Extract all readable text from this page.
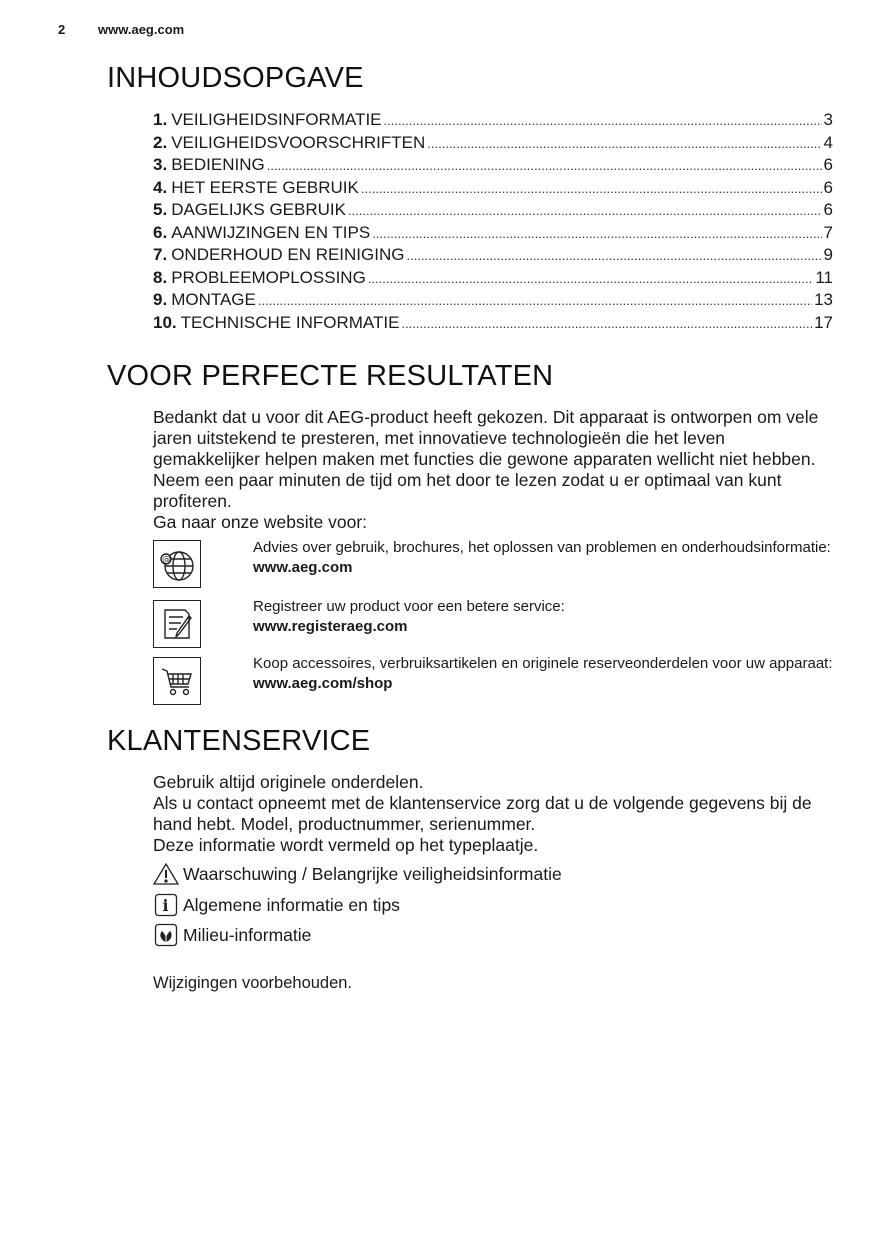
2	www.aeg.com
INHOUDSOPGAVE
1. VEILIGHEIDSINFORMATIE .....	3
2. VEILIGHEIDSVOORSCHRIFTEN .....	4
3. BEDIENING .....	6
4. HET EERSTE GEBRUIK .....	6
5. DAGELIJKS GEBRUIK .....	6
6. AANWIJZINGEN EN TIPS .....	7
7. ONDERHOUD EN REINIGING .....	9
8. PROBLEEMOPLOSSING .....	11
9. MONTAGE .....	13
10. TECHNISCHE INFORMATIE .....	17
VOOR PERFECTE RESULTATEN

Bedankt dat u voor dit AEG-product heeft gekozen. Dit apparaat is ontworpen om vele jaren uitstekend te presteren, met innovatieve technologieën die het leven gemakkelijker helpen maken met functies die gewone apparaten wellicht niet hebben. Neem een paar minuten de tijd om het door te lezen zodat u er optimaal van kunt profiteren.

Ga naar onze website voor:

@
Advies over gebruik, brochures, het oplossen van problemen en onderhoudsinformatie:
www.aeg.com
Registreer uw product voor een betere service:
www.registeraeg.com
Koop accessoires, verbruiksartikelen en originele reserveonderdelen voor uw apparaat:
www.aeg.com/shop
KLANTENSERVICE

Gebruik altijd originele onderdelen.

Als u contact opneemt met de klantenservice zorg dat u de volgende gegevens bij de hand hebt. Model, productnummer, serienummer.

Deze informatie wordt vermeld op het typeplaatje.

Waarschuwing / Belangrijke veiligheidsinformatie
i Algemene informatie en tips
Milieu-informatie

Wijzigingen voorbehouden.
